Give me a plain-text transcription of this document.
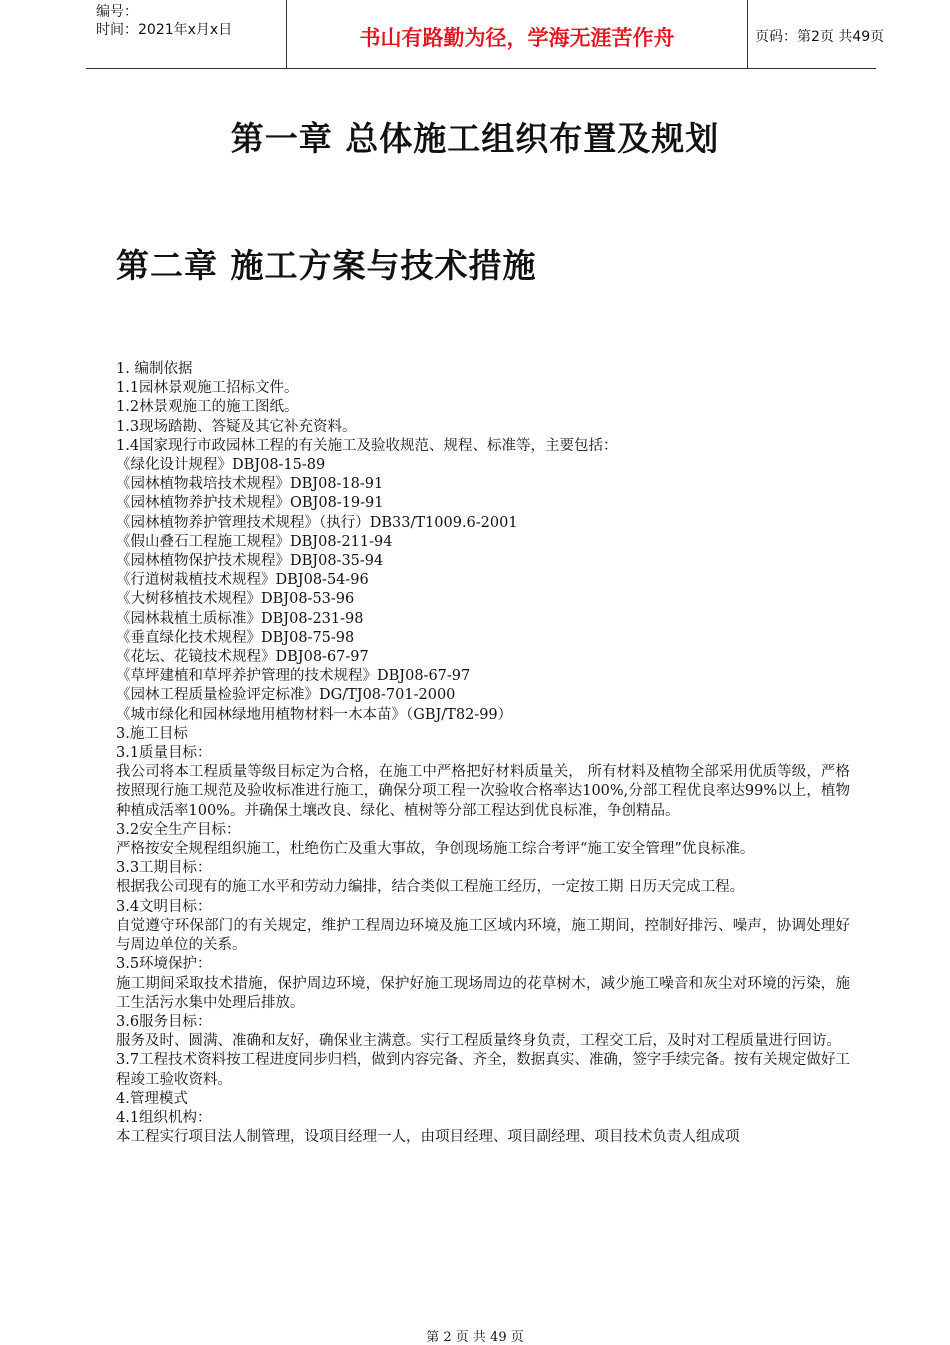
编号：
时间：2021年x月x日	书山有路勤为径，学海无涯苦作舟	页码：第2页 共49页
第一章 总体施工组织布置及规划
第二章 施工方案与技术措施

1. 编制依据

1.1园林景观施工招标文件。

1.2林景观施工的施工图纸。

1.3现场踏勘、答疑及其它补充资料。

1.4国家现行市政园林工程的有关施工及验收规范、规程、标准等，主要包括：

《绿化设计规程》DBJ08-15-89

《园林植物栽培技术规程》DBJ08-18-91

《园林植物养护技术规程》OBJ08-19-91

《园林植物养护管理技术规程》（执行）DB33/T1009.6-2001

《假山叠石工程施工规程》DBJ08-211-94

《园林植物保护技术规程》DBJ08-35-94

《行道树栽植技术规程》DBJ08-54-96

《大树移植技术规程》DBJ08-53-96

《园林栽植土质标准》DBJ08-231-98

《垂直绿化技术规程》DBJ08-75-98

《花坛、花镜技术规程》DBJ08-67-97

《草坪建植和草坪养护管理的技术规程》DBJ08-67-97

《园林工程质量检验评定标准》DG/TJ08-701-2000

《城市绿化和园林绿地用植物材料一木本苗》（GBJ/T82-99）

3.施工目标

3.1质量目标：

我公司将本工程质量等级目标定为合格，在施工中严格把好材料质量关， 所有材料及植物全部采用优质等级，严格按照现行施工规范及验收标准进行施工，确保分项工程一次验收合格率达100%,分部工程优良率达99%以上，植物种植成活率100%。并确保土壤改良、绿化、植树等分部工程达到优良标准，争创精品。

3.2安全生产目标：

严格按安全规程组织施工，杜绝伤亡及重大事故，争创现场施工综合考评“施工安全管理”优良标准。

3.3工期目标：

根据我公司现有的施工水平和劳动力编排，结合类似工程施工经历，一定按工期 日历天完成工程。

3.4文明目标：

自觉遵守环保部门的有关规定，维护工程周边环境及施工区域内环境，施工期间，控制好排污、噪声，协调处理好与周边单位的关系。

3.5环境保护：

施工期间采取技术措施，保护周边环境，保护好施工现场周边的花草树木，减少施工噪音和灰尘对环境的污染，施工生活污水集中处理后排放。

3.6服务目标：

服务及时、圆满、准确和友好，确保业主满意。实行工程质量终身负责，工程交工后，及时对工程质量进行回访。

3.7工程技术资料按工程进度同步归档，做到内容完备、齐全，数据真实、准确，签字手续完备。按有关规定做好工程竣工验收资料。

4.管理模式

4.1组织机构：

本工程实行项目法人制管理，设项目经理一人，由项目经理、项目副经理、项目技术负责人组成项

第 2 页 共 49 页
